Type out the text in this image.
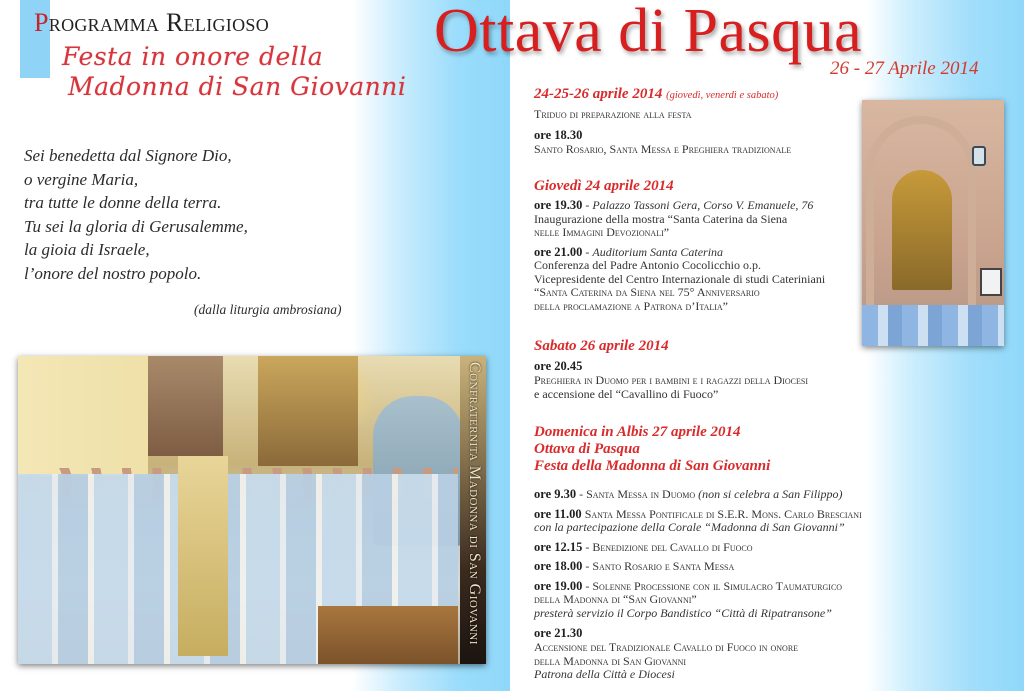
Programma Religioso
Festa in onore della
Madonna di San Giovanni
Sei benedetta dal Signore Dio,
o vergine Maria,
tra tutte le donne della terra.
Tu sei la gloria di Gerusalemme,
la gioia di Israele,
l’onore del nostro popolo.
(dalla liturgia ambrosiana)
Confraternita Madonna di San Giovanni
Ottava di Pasqua
26 - 27 Aprile 2014
24-25-26 aprile 2014 (giovedì, venerdì e sabato)
Triduo di preparazione alla festa
ore 18.30
Santo Rosario, Santa Messa e Preghiera tradizionale
Giovedì 24 aprile 2014
ore 19.30 - Palazzo Tassoni Gera, Corso V. Emanuele, 76
Inaugurazione della mostra “Santa Caterina da Siena
nelle Immagini Devozionali”
ore 21.00 - Auditorium Santa Caterina
Conferenza del Padre Antonio Cocolicchio o.p.
Vicepresidente del Centro Internazionale di studi Cateriniani
“Santa Caterina da Siena nel 75° Anniversario
della proclamazione a Patrona d’Italia”
Sabato 26 aprile 2014
ore 20.45
Preghiera in Duomo per i bambini e i ragazzi della Diocesi
e accensione del “Cavallino di Fuoco”
Domenica in Albis 27 aprile 2014
Ottava di Pasqua
Festa della Madonna di San Giovanni
ore 9.30 - Santa Messa in Duomo (non si celebra a San Filippo)
ore 11.00 Santa Messa Pontificale di S.E.R. Mons. Carlo Bresciani
con la partecipazione della Corale “Madonna di San Giovanni”
ore 12.15 - Benedizione del Cavallo di Fuoco
ore 18.00 - Santo Rosario e Santa Messa
ore 19.00 - Solenne Processione con il Simulacro Taumaturgico
della Madonna di “San Giovanni”
presterà servizio il Corpo Bandistico “Città di Ripatransone”
ore 21.30
Accensione del Tradizionale Cavallo di Fuoco in onore
della Madonna di San Giovanni
Patrona della Città e Diocesi
